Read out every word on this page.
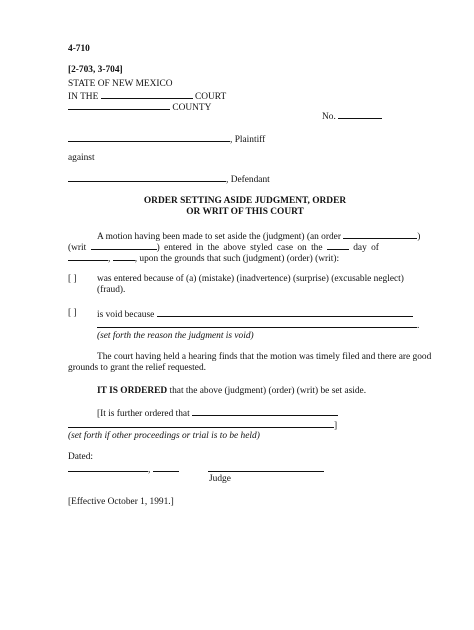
4-710
[2-703, 3-704]
STATE OF NEW MEXICO
IN THE	COURT
COUNTY
No.
, Plaintiff
against
, Defendant
ORDER SETTING ASIDE JUDGMENT, ORDER
OR WRIT OF THIS COURT
A motion having been made to set aside the (judgment) (an order	)
(writ	) entered in the above styled case on the	day of
,	, upon the grounds that such (judgment) (order) (writ):
[ ] was entered because of (a) (mistake) (inadvertence) (surprise) (excusable neglect)
(fraud).
[ ] is void because
.
(set forth the reason the judgment is void)
The court having held a hearing finds that the motion was timely filed and there are good
grounds to grant the relief requested.
IT IS ORDERED that the above (judgment) (order) (writ) be set aside.
[It is further ordered that
]
(set forth if other proceedings or trial is to be held)
Dated:
,
Judge
[Effective October 1, 1991.]
